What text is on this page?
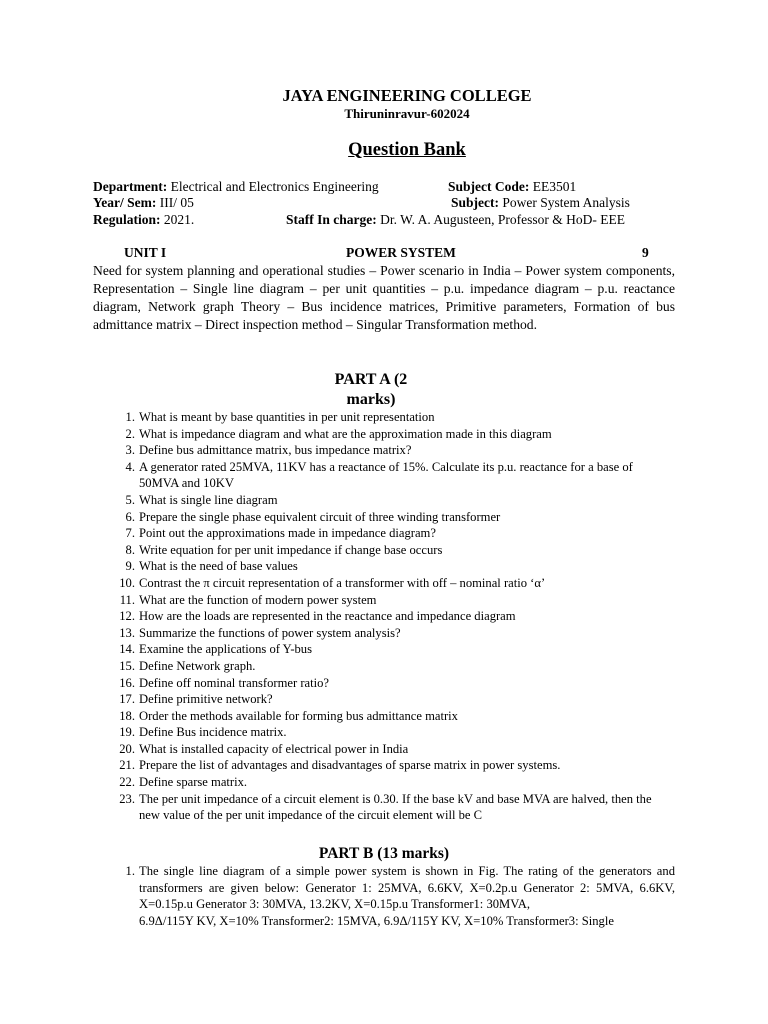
JAYA ENGINEERING COLLEGE
Thiruninravur-602024
Question Bank
Department: Electrical and Electronics Engineering	Subject Code: EE3501
Year/ Sem: III/ 05	Subject: Power System Analysis
Regulation: 2021.	Staff In charge: Dr. W. A. Augusteen, Professor & HoD- EEE
UNIT I	POWER SYSTEM	9
Need for system planning and operational studies – Power scenario in India – Power system components, Representation – Single line diagram – per unit quantities – p.u. impedance diagram – p.u. reactance diagram, Network graph Theory – Bus incidence matrices, Primitive parameters, Formation of bus admittance matrix – Direct inspection method – Singular Transformation method.
PART A (2
marks)
1. What is meant by base quantities in per unit representation
2. What is impedance diagram and what are the approximation made in this diagram
3. Define bus admittance matrix, bus impedance matrix?
4. A generator rated 25MVA, 11KV has a reactance of 15%. Calculate its p.u. reactance for a base of 50MVA and 10KV
5. What is single line diagram
6. Prepare the single phase equivalent circuit of three winding transformer
7. Point out the approximations made in impedance diagram?
8. Write equation for per unit impedance if change base occurs
9. What is the need of base values
10. Contrast the π circuit representation of a transformer with off – nominal ratio ‘α’
11. What are the function of modern power system
12. How are the loads are represented in the reactance and impedance diagram
13. Summarize the functions of power system analysis?
14. Examine the applications of Y-bus
15. Define Network graph.
16. Define off nominal transformer ratio?
17. Define primitive network?
18. Order the methods available for forming bus admittance matrix
19. Define Bus incidence matrix.
20. What is installed capacity of electrical power in India
21. Prepare the list of advantages and disadvantages of sparse matrix in power systems.
22. Define sparse matrix.
23. The per unit impedance of a circuit element is 0.30. If the base kV and base MVA are halved, then the new value of the per unit impedance of the circuit element will be C
PART B (13 marks)
1. The single line diagram of a simple power system is shown in Fig. The rating of the generators and transformers are given below: Generator 1: 25MVA, 6.6KV, X=0.2p.u Generator 2: 5MVA, 6.6KV, X=0.15p.u Generator 3: 30MVA, 13.2KV, X=0.15p.u Transformer1: 30MVA,
6.9Δ/115Y KV, X=10% Transformer2: 15MVA, 6.9Δ/115Y KV, X=10% Transformer3: Single
